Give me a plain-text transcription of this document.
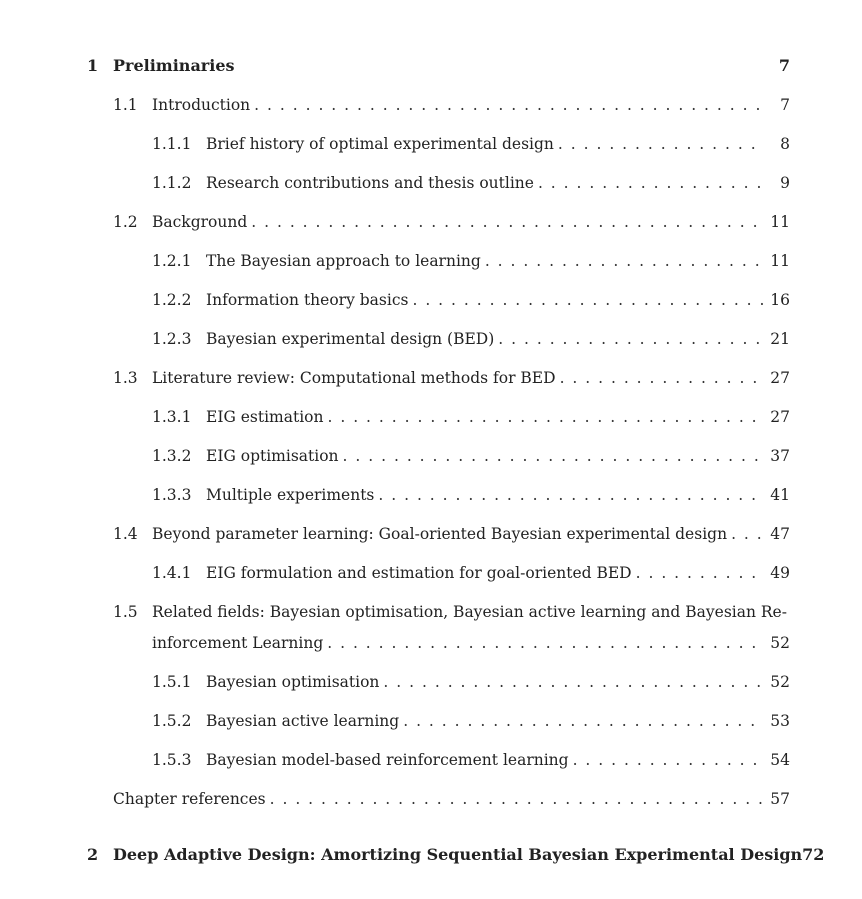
1 Preliminaries	7
1.1 Introduction . . .	7
1.1.1 Brief history of optimal experimental design . . .	8
1.1.2 Research contributions and thesis outline . . .	9
1.2 Background . . .	11
1.2.1 The Bayesian approach to learning . . .	11
1.2.2 Information theory basics . . .	16
1.2.3 Bayesian experimental design (BED) . . .	21
1.3 Literature review: Computational methods for BED . . .	27
1.3.1 EIG estimation . . .	27
1.3.2 EIG optimisation . . .	37
1.3.3 Multiple experiments . . .	41
1.4 Beyond parameter learning: Goal-oriented Bayesian experimental design . . .	47
1.4.1 EIG formulation and estimation for goal-oriented BED . . .	49
1.5 Related fields: Bayesian optimisation, Bayesian active learning and Bayesian Re-
inforcement Learning . . .	52
1.5.1 Bayesian optimisation . . .	52
1.5.2 Bayesian active learning . . .	53
1.5.3 Bayesian model-based reinforcement learning . . .	54
Chapter references . . .	57
2 Deep Adaptive Design: Amortizing Sequential Bayesian Experimental Design 72
